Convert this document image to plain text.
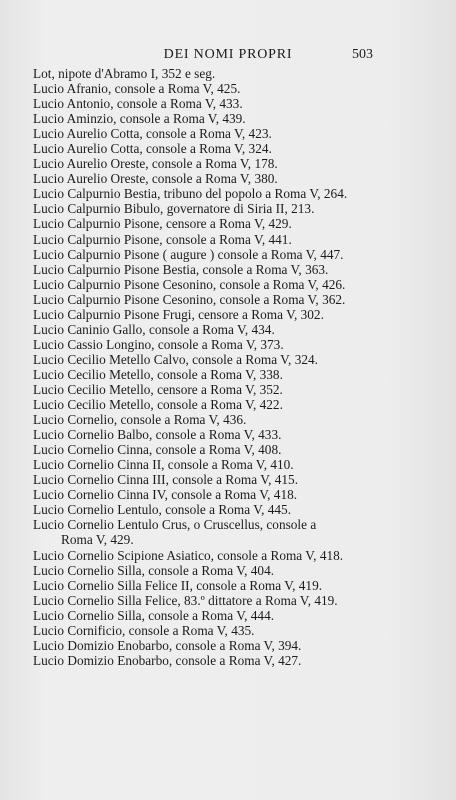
DEI NOMI PROPRI	503
Lot, nipote d'Abramo I, 352 e seg.
Lucio Afranio, console a Roma V, 425.
Lucio Antonio, console a Roma V, 433.
Lucio Aminzio, console a Roma V, 439.
Lucio Aurelio Cotta, console a Roma V, 423.
Lucio Aurelio Cotta, console a Roma V, 324.
Lucio Aurelio Oreste, console a Roma V, 178.
Lucio Aurelio Oreste, console a Roma V, 380.
Lucio Calpurnio Bestia, tribuno del popolo a Roma V, 264.
Lucio Calpurnio Bibulo, governatore di Siria II, 213.
Lucio Calpurnio Pisone, censore a Roma V, 429.
Lucio Calpurnio Pisone, console a Roma V, 441.
Lucio Calpurnio Pisone ( augure ) console a Roma V, 447.
Lucio Calpurnio Pisone Bestia, console a Roma V, 363.
Lucio Calpurnio Pisone Cesonino, console a Roma V, 426.
Lucio Calpurnio Pisone Cesonino, console a Roma V, 362.
Lucio Calpurnio Pisone Frugi, censore a Roma V, 302.
Lucio Caninio Gallo, console a Roma V, 434.
Lucio Cassio Longino, console a Roma V, 373.
Lucio Cecilio Metello Calvo, console a Roma V, 324.
Lucio Cecilio Metello, console a Roma V, 338.
Lucio Cecilio Metello, censore a Roma V, 352.
Lucio Cecilio Metello, console a Roma V, 422.
Lucio Cornelio, console a Roma V, 436.
Lucio Cornelio Balbo, console a Roma V, 433.
Lucio Cornelio Cinna, console a Roma V, 408.
Lucio Cornelio Cinna II, console a Roma V, 410.
Lucio Cornelio Cinna III, console a Roma V, 415.
Lucio Cornelio Cinna IV, console a Roma V, 418.
Lucio Cornelio Lentulo, console a Roma V, 445.
Lucio Cornelio Lentulo Crus, o Cruscellus, console a
Roma V, 429.
Lucio Cornelio Scipione Asiatico, console a Roma V, 418.
Lucio Cornelio Silla, console a Roma V, 404.
Lucio Cornelio Silla Felice II, console a Roma V, 419.
Lucio Cornelio Silla Felice, 83.º dittatore a Roma V, 419.
Lucio Cornelio Silla, console a Roma V, 444.
Lucio Cornificio, console a Roma V, 435.
Lucio Domizio Enobarbo, console a Roma V, 394.
Lucio Domizio Enobarbo, console a Roma V, 427.
